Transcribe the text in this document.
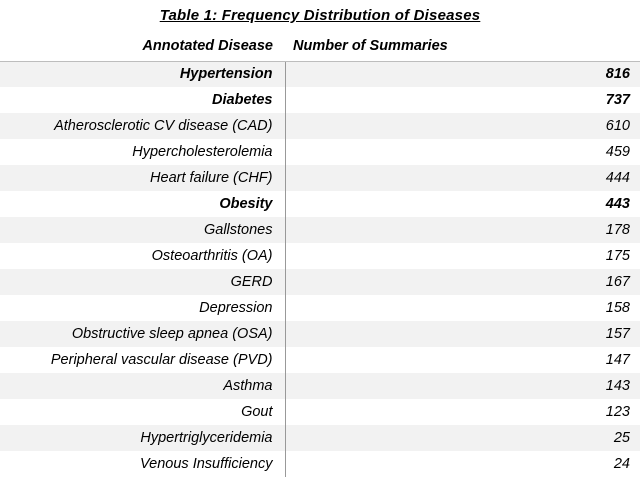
Table 1: Frequency Distribution of Diseases
Annotated Disease	Number of Summaries
Hypertension	816
Diabetes	737
Atherosclerotic CV disease (CAD)	610
Hypercholesterolemia	459
Heart failure (CHF)	444
Obesity	443
Gallstones	178
Osteoarthritis (OA)	175
GERD	167
Depression	158
Obstructive sleep apnea (OSA)	157
Peripheral vascular disease (PVD)	147
Asthma	143
Gout	123
Hypertriglyceridemia	25
Venous Insufficiency	24
